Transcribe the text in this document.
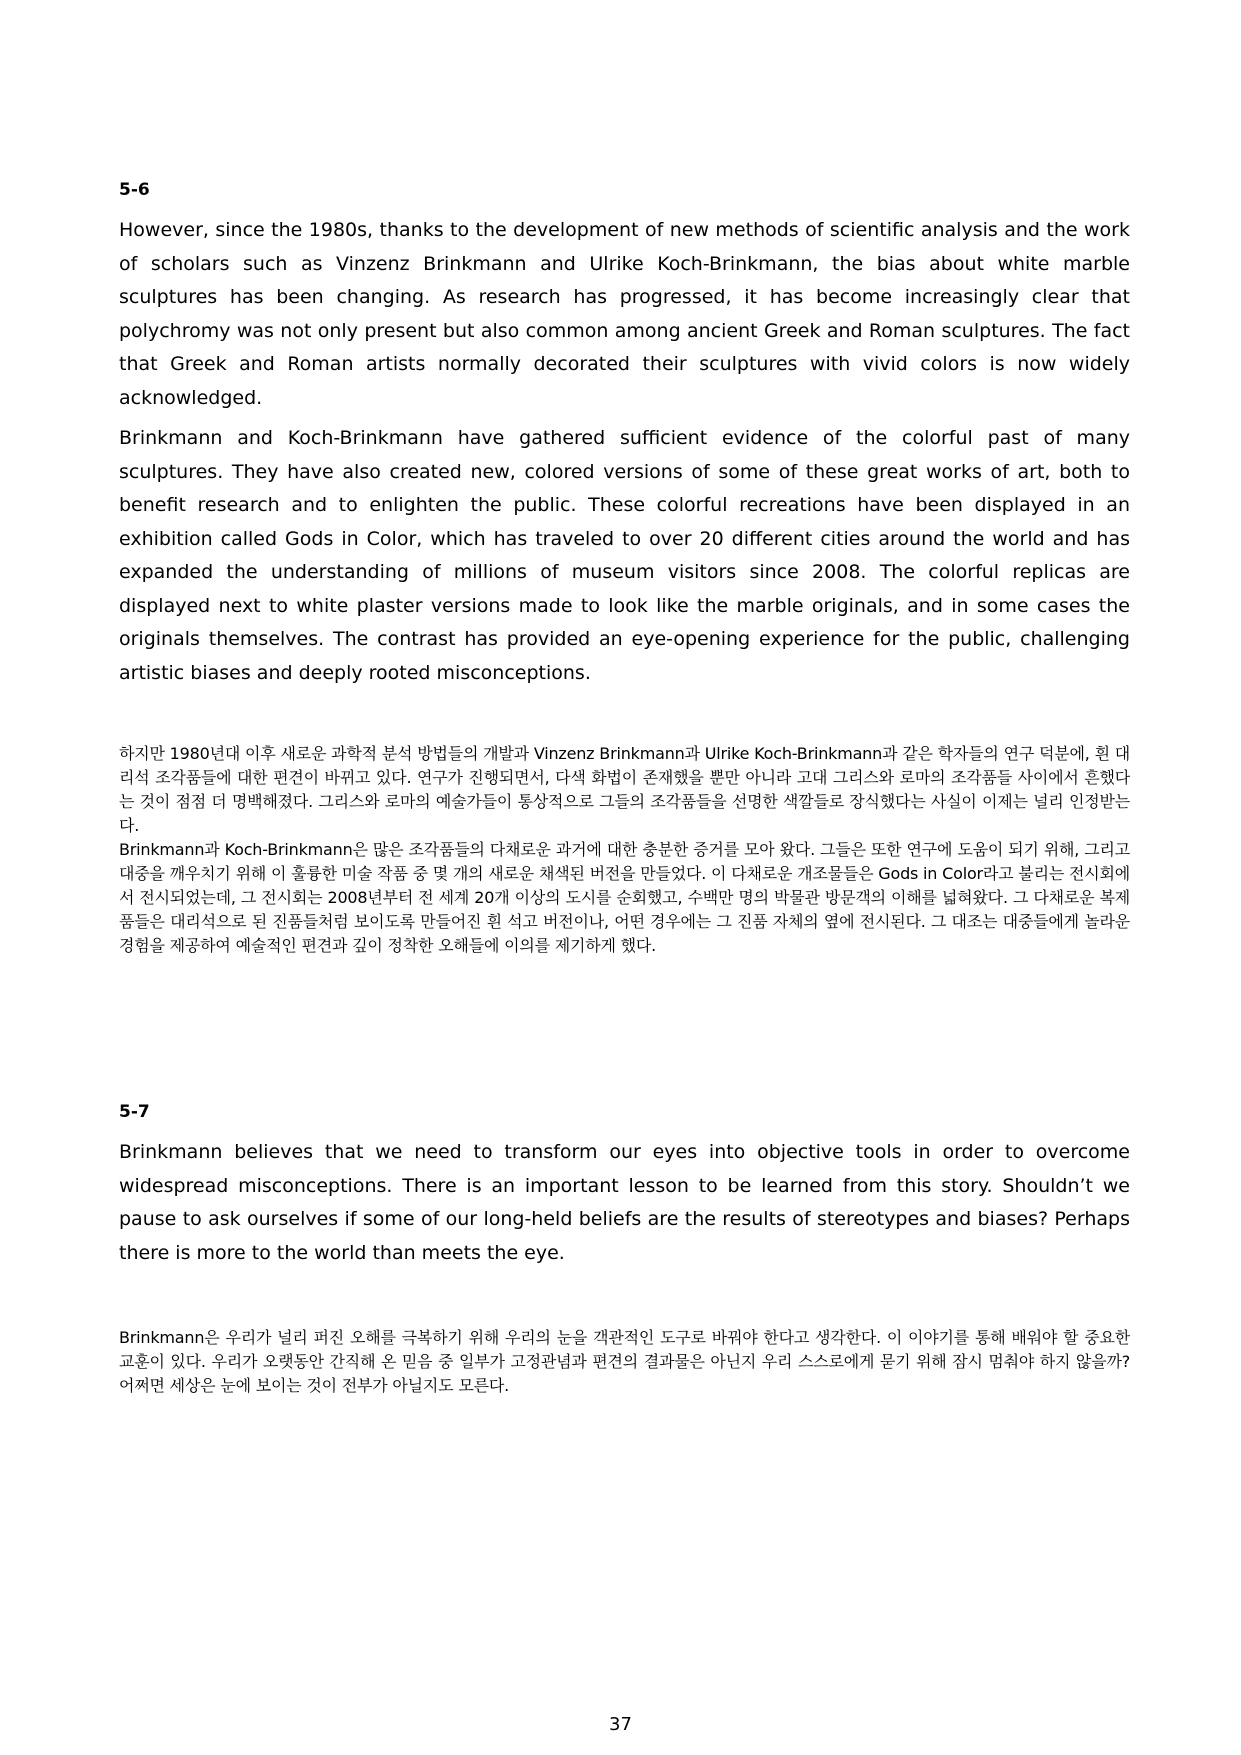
5-6

However, since the 1980s, thanks to the development of new methods of scientific analysis and the work of scholars such as Vinzenz Brinkmann and Ulrike Koch-Brinkmann, the bias about white marble sculptures has been changing. As research has progressed, it has become increasingly clear that polychromy was not only present but also common among ancient Greek and Roman sculptures. The fact that Greek and Roman artists normally decorated their sculptures with vivid colors is now widely acknowledged.

Brinkmann and Koch-Brinkmann have gathered sufficient evidence of the colorful past of many sculptures. They have also created new, colored versions of some of these great works of art, both to benefit research and to enlighten the public. These colorful recreations have been displayed in an exhibition called Gods in Color, which has traveled to over 20 different cities around the world and has expanded the understanding of millions of museum visitors since 2008. The colorful replicas are displayed next to white plaster versions made to look like the marble originals, and in some cases the originals themselves. The contrast has provided an eye-opening experience for the public, challenging artistic biases and deeply rooted misconceptions.

하지만 1980년대 이후 새로운 과학적 분석 방법들의 개발과 Vinzenz Brinkmann과 Ulrike Koch-Brinkmann과 같은 학자들의 연구 덕분에, 흰 대리석 조각품들에 대한 편견이 바뀌고 있다. 연구가 진행되면서, 다색 화법이 존재했을 뿐만 아니라 고대 그리스와 로마의 조각품들 사이에서 흔했다는 것이 점점 더 명백해졌다. 그리스와 로마의 예술가들이 통상적으로 그들의 조각품들을 선명한 색깔들로 장식했다는 사실이 이제는 널리 인정받는다.

Brinkmann과 Koch-Brinkmann은 많은 조각품들의 다채로운 과거에 대한 충분한 증거를 모아 왔다. 그들은 또한 연구에 도움이 되기 위해, 그리고 대중을 깨우치기 위해 이 훌륭한 미술 작품 중 몇 개의 새로운 채색된 버전을 만들었다. 이 다채로운 개조물들은 Gods in Color라고 불리는 전시회에서 전시되었는데, 그 전시회는 2008년부터 전 세계 20개 이상의 도시를 순회했고, 수백만 명의 박물관 방문객의 이해를 넓혀왔다. 그 다채로운 복제품들은 대리석으로 된 진품들처럼 보이도록 만들어진 흰 석고 버전이나, 어떤 경우에는 그 진품 자체의 옆에 전시된다. 그 대조는 대중들에게 놀라운 경험을 제공하여 예술적인 편견과 깊이 정착한 오해들에 이의를 제기하게 했다.

5-7

Brinkmann believes that we need to transform our eyes into objective tools in order to overcome widespread misconceptions. There is an important lesson to be learned from this story. Shouldn’t we pause to ask ourselves if some of our long-held beliefs are the results of stereotypes and biases? Perhaps there is more to the world than meets the eye.

Brinkmann은 우리가 널리 퍼진 오해를 극복하기 위해 우리의 눈을 객관적인 도구로 바꿔야 한다고 생각한다. 이 이야기를 통해 배워야 할 중요한 교훈이 있다. 우리가 오랫동안 간직해 온 믿음 중 일부가 고정관념과 편견의 결과물은 아닌지 우리 스스로에게 묻기 위해 잠시 멈춰야 하지 않을까? 어쩌면 세상은 눈에 보이는 것이 전부가 아닐지도 모른다.

37
